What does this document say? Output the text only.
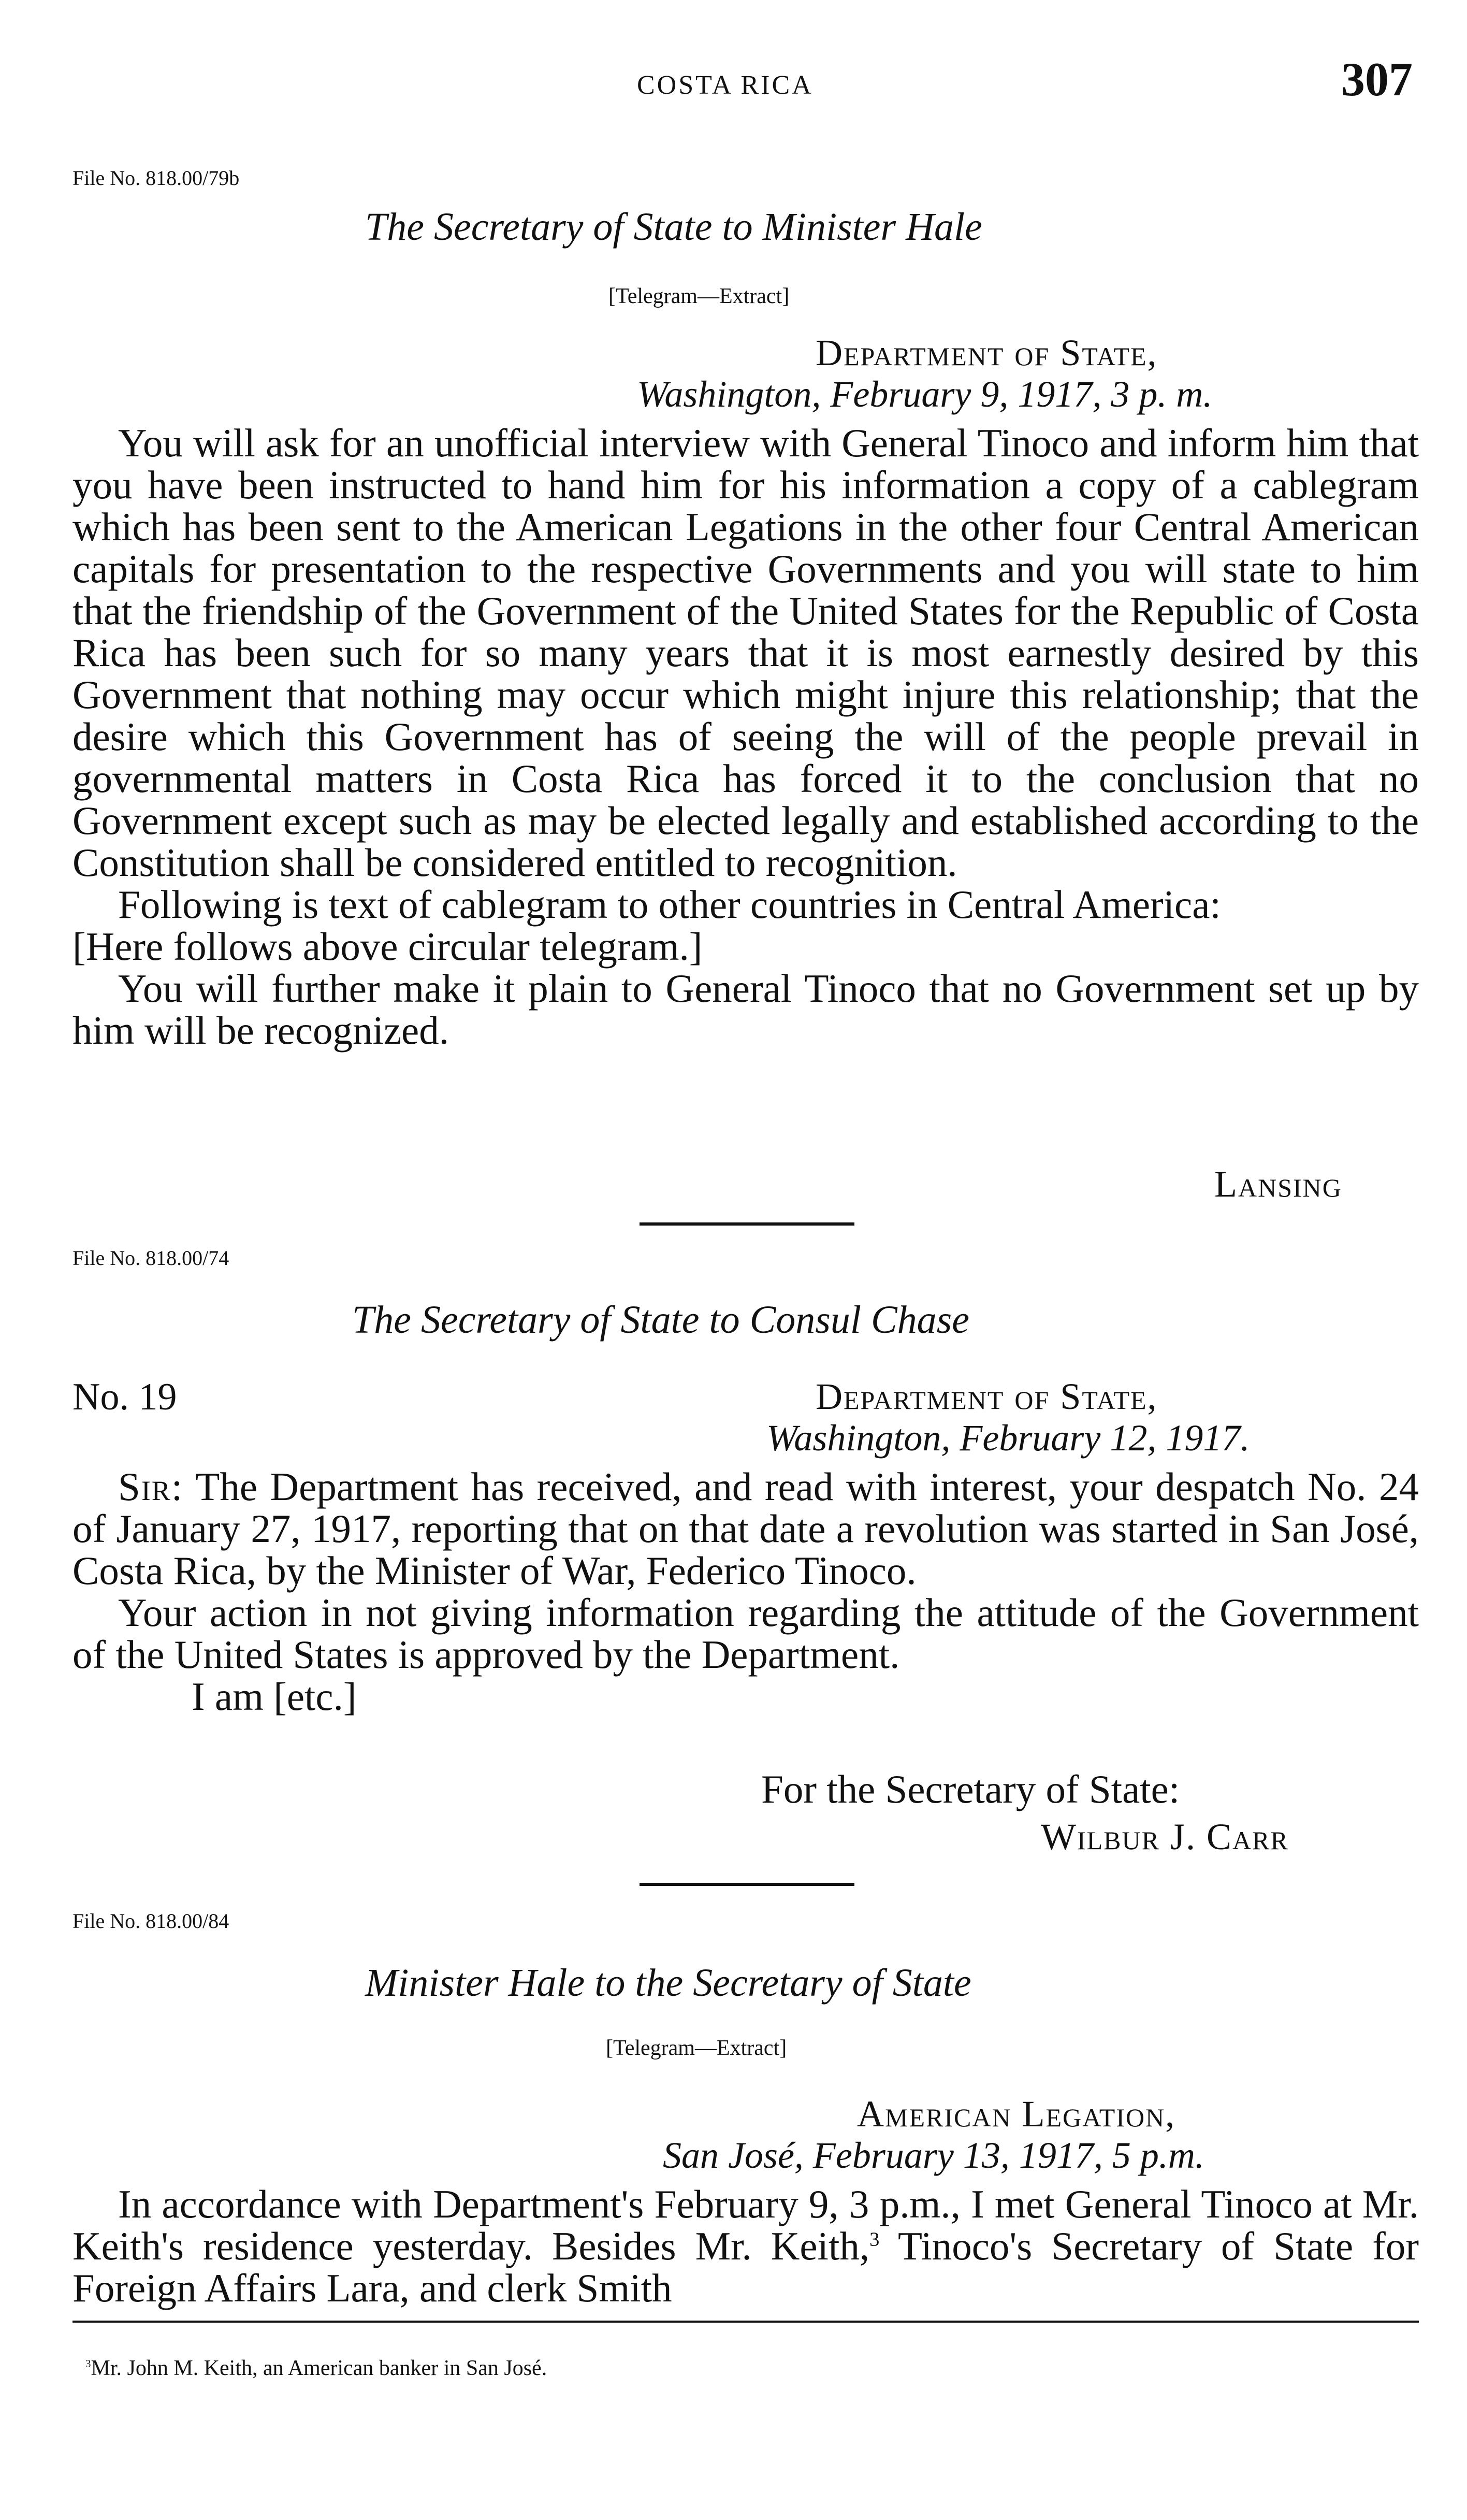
COSTA RICA	307
File No. 818.00/79b
The Secretary of State to Minister Hale
[Telegram—Extract]
Department of State,
Washington, February 9, 1917, 3 p. m.

You will ask for an unofficial interview with General Tinoco and inform him that you have been instructed to hand him for his information a copy of a cablegram which has been sent to the American Legations in the other four Central American capitals for presentation to the respective Governments and you will state to him that the friendship of the Government of the United States for the Republic of Costa Rica has been such for so many years that it is most earnestly desired by this Government that nothing may occur which might injure this relationship; that the desire which this Government has of seeing the will of the people prevail in governmental matters in Costa Rica has forced it to the conclusion that no Government except such as may be elected legally and established according to the Constitution shall be considered entitled to recognition.

Following is text of cablegram to other countries in Central America:

[Here follows above circular telegram.]

You will further make it plain to General Tinoco that no Government set up by him will be recognized.

Lansing
File No. 818.00/74
The Secretary of State to Consul Chase
No. 19	Department of State,
Washington, February 12, 1917.

Sir: The Department has received, and read with interest, your despatch No. 24 of January 27, 1917, reporting that on that date a revolution was started in San José, Costa Rica, by the Minister of War, Federico Tinoco.

Your action in not giving information regarding the attitude of the Government of the United States is approved by the Department.

I am [etc.]

For the Secretary of State:
Wilbur J. Carr
File No. 818.00/84
Minister Hale to the Secretary of State
[Telegram—Extract]
American Legation,
San José, February 13, 1917, 5 p.m.

In accordance with Department's February 9, 3 p.m., I met General Tinoco at Mr. Keith's residence yesterday. Besides Mr. Keith,$^3$ Tinoco's Secretary of State for Foreign Affairs Lara, and clerk Smith

$^3$Mr. John M. Keith, an American banker in San José.
